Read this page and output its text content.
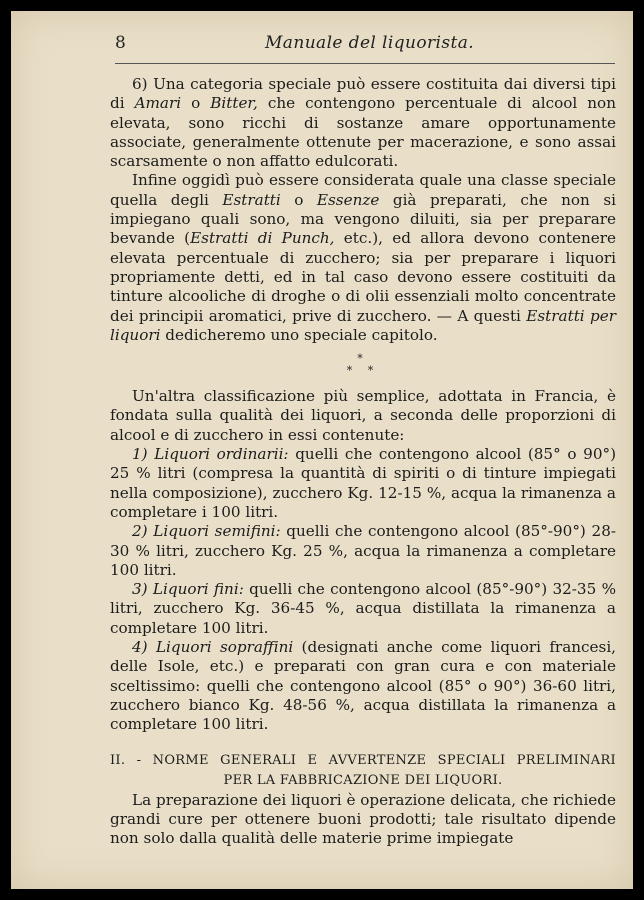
8	Manuale del liquorista.

6) Una categoria speciale può essere costituita dai diversi tipi di Amari o Bitter, che contengono percentuale di alcool non elevata, sono ricchi di sostanze amare opportunamente associate, generalmente ottenute per macerazione, e sono assai scarsamente o non affatto edulcorati.

Infine oggidì può essere considerata quale una classe speciale quella degli Estratti o Essenze già preparati, che non si impiegano quali sono, ma vengono diluiti, sia per preparare bevande (Estratti di Punch, etc.), ed allora devono contenere elevata percentuale di zucchero; sia per preparare i liquori propriamente detti, ed in tal caso devono essere costituiti da tinture alcooliche di droghe o di olii essenziali molto concentrate dei principii aromatici, prive di zucchero. — A questi Estratti per liquori dedicheremo uno speciale capitolo.

*
* *

Un'altra classificazione più semplice, adottata in Francia, è fondata sulla qualità dei liquori, a seconda delle proporzioni di alcool e di zucchero in essi contenute:

1) Liquori ordinarii: quelli che contengono alcool (85° o 90°) 25 % litri (compresa la quantità di spiriti o di tinture impiegati nella composizione), zucchero Kg. 12-15 %, acqua la rimanenza a completare i 100 litri.

2) Liquori semifini: quelli che contengono alcool (85°-90°) 28-30 % litri, zucchero Kg. 25 %, acqua la rimanenza a completare 100 litri.

3) Liquori fini: quelli che contengono alcool (85°-90°) 32-35 % litri, zucchero Kg. 36-45 %, acqua distillata la rimanenza a completare 100 litri.

4) Liquori sopraffini (designati anche come liquori francesi, delle Isole, etc.) e preparati con gran cura e con materiale sceltissimo: quelli che contengono alcool (85° o 90°) 36-60 litri, zucchero bianco Kg. 48-56 %, acqua distillata la rimanenza a completare 100 litri.

II. - NORME GENERALI E AVVERTENZE SPECIALI PRELIMINARI
PER LA FABBRICAZIONE DEI LIQUORI.

La preparazione dei liquori è operazione delicata, che richiede grandi cure per ottenere buoni prodotti; tale risultato dipende non solo dalla qualità delle materie prime impiegate
